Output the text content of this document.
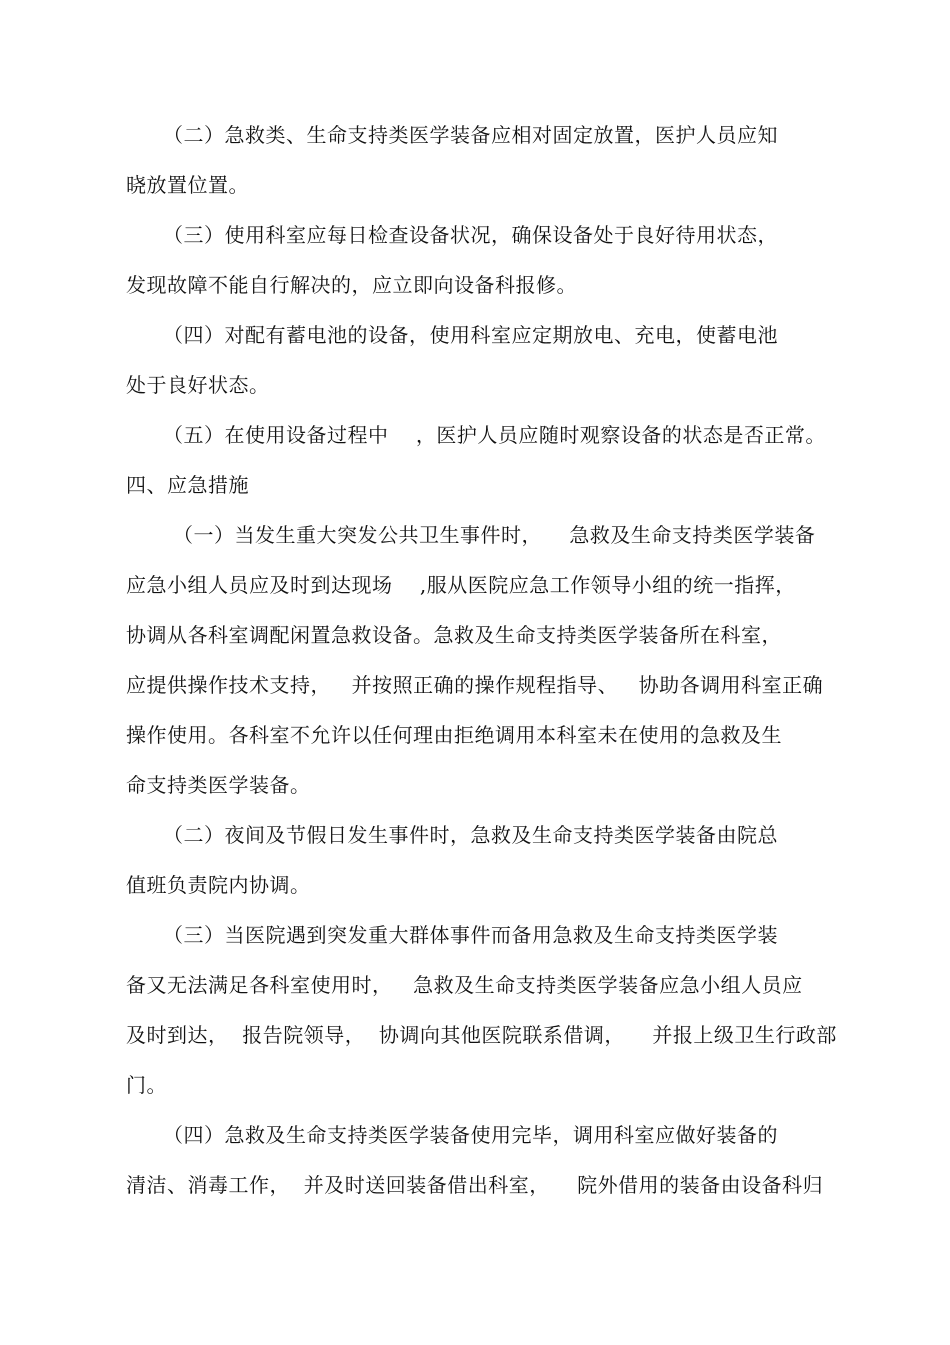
（二）急救类、生命支持类医学装备应相对固定放置，医护人员应知
晓放置位置。
（三）使用科室应每日检查设备状况，确保设备处于良好待用状态，
发现故障不能自行解决的，应立即向设备科报修。
（四）对配有蓄电池的设备，使用科室应定期放电、充电，使蓄电池
处于良好状态。
（五）在使用设备过程中    ，医护人员应随时观察设备的状态是否正常。
四、应急措施
（一）当发生重大突发公共卫生事件时，    急救及生命支持类医学装备
应急小组人员应及时到达现场    ,服从医院应急工作领导小组的统一指挥，
协调从各科室调配闲置急救设备。急救及生命支持类医学装备所在科室，
应提供操作技术支持，   并按照正确的操作规程指导、   协助各调用科室正确
操作使用。各科室不允许以任何理由拒绝调用本科室未在使用的急救及生
命支持类医学装备。
（二）夜间及节假日发生事件时，急救及生命支持类医学装备由院总
值班负责院内协调。
（三）当医院遇到突发重大群体事件而备用急救及生命支持类医学装
备又无法满足各科室使用时，   急救及生命支持类医学装备应急小组人员应
及时到达，  报告院领导，  协调向其他医院联系借调，    并报上级卫生行政部
门。
（四）急救及生命支持类医学装备使用完毕，调用科室应做好装备的
清洁、消毒工作，  并及时送回装备借出科室，    院外借用的装备由设备科归
